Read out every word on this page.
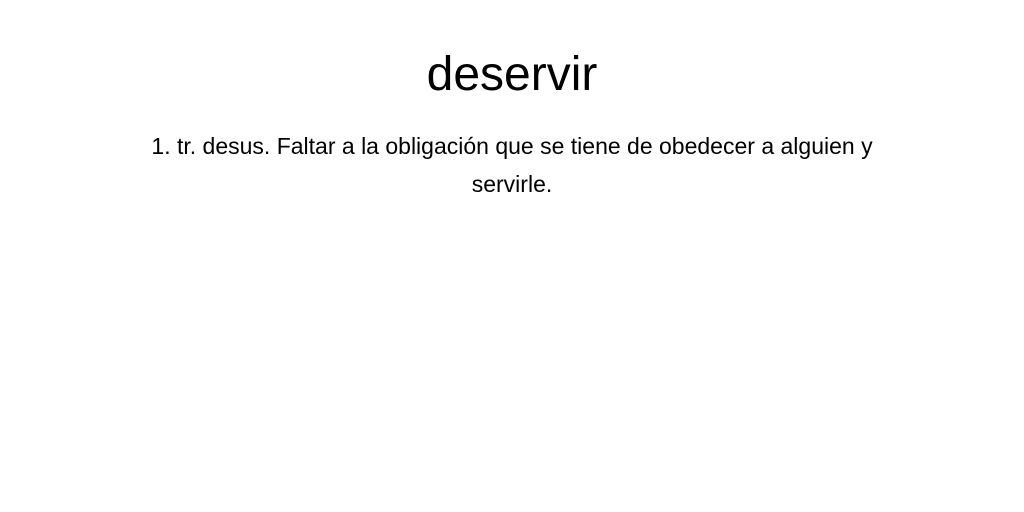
deservir

1. tr. desus. Faltar a la obligación que se tiene de obedecer a alguien y servirle.
